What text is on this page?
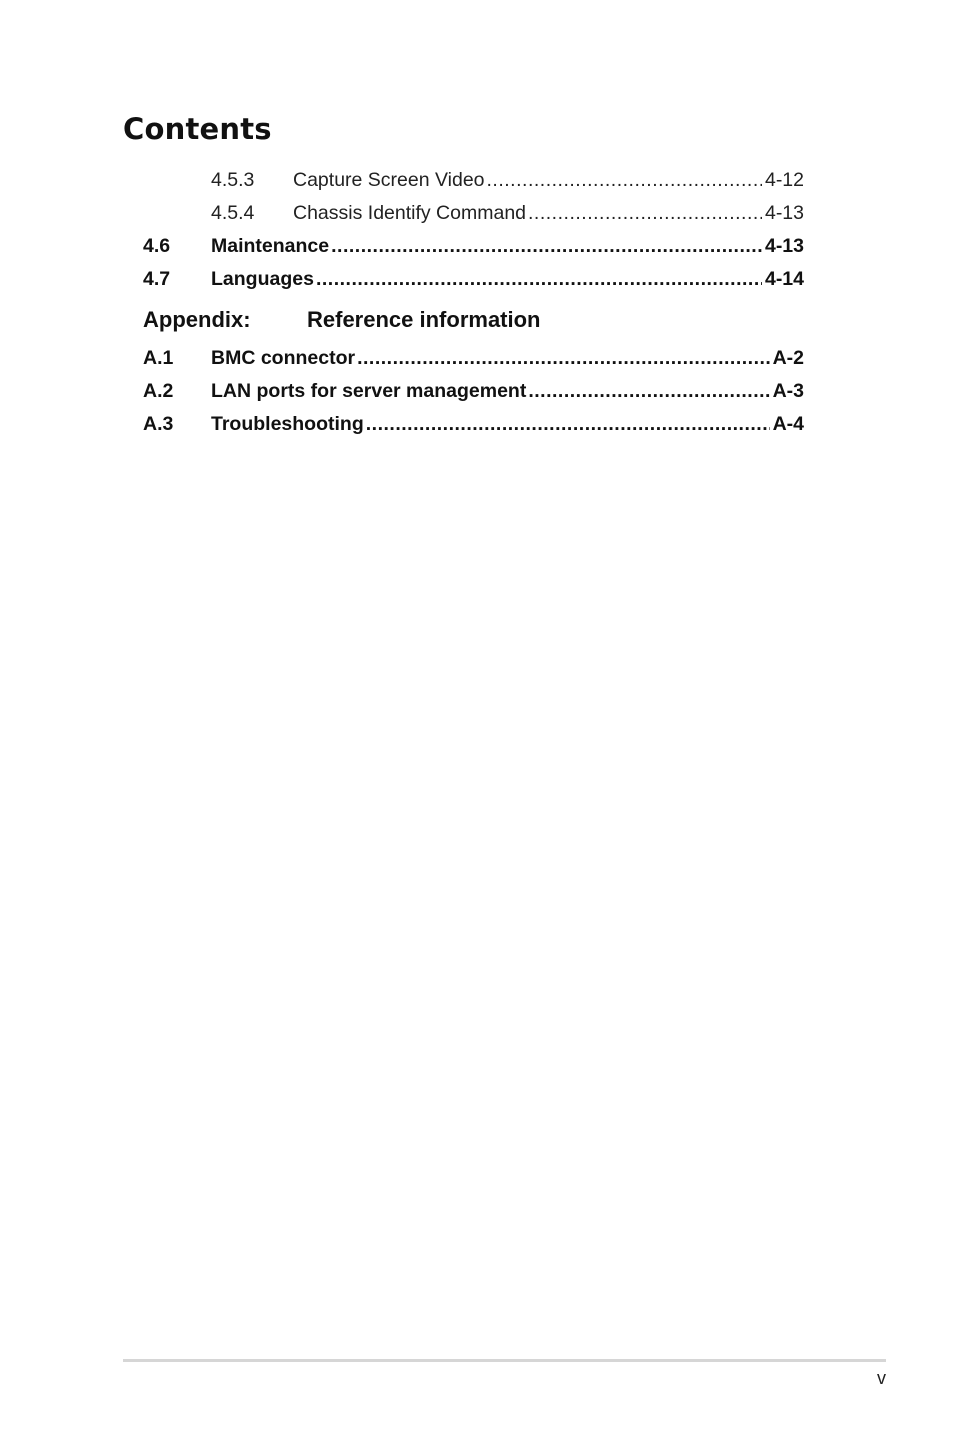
Contents
4.5.3	Capture Screen Video .....	4-12
4.5.4	Chassis Identify Command .....	4-13
4.6	Maintenance .....	4-13
4.7	Languages .....	4-14
Appendix:	Reference information
A.1	BMC connector .....	A-2
A.2	LAN ports for server management .....	A-3
A.3	Troubleshooting .....	A-4
v
